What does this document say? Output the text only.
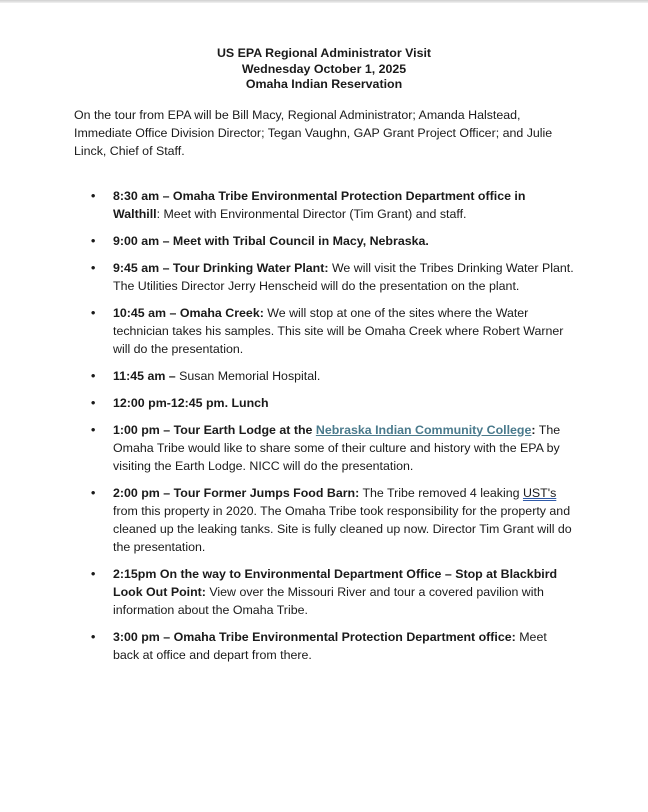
US EPA Regional Administrator Visit
Wednesday October 1, 2025
Omaha Indian Reservation

On the tour from EPA will be Bill Macy, Regional Administrator; Amanda Halstead, Immediate Office Division Director; Tegan Vaughn, GAP Grant Project Officer; and Julie Linck, Chief of Staff.

• 8:30 am – Omaha Tribe Environmental Protection Department office in Walthill: Meet with Environmental Director (Tim Grant) and staff.
• 9:00 am – Meet with Tribal Council in Macy, Nebraska.
• 9:45 am – Tour Drinking Water Plant: We will visit the Tribes Drinking Water Plant. The Utilities Director Jerry Henscheid will do the presentation on the plant.
• 10:45 am – Omaha Creek: We will stop at one of the sites where the Water technician takes his samples. This site will be Omaha Creek where Robert Warner will do the presentation.
• 11:45 am – Susan Memorial Hospital.
• 12:00 pm-12:45 pm. Lunch
• 1:00 pm – Tour Earth Lodge at the Nebraska Indian Community College: The Omaha Tribe would like to share some of their culture and history with the EPA by visiting the Earth Lodge. NICC will do the presentation.
• 2:00 pm – Tour Former Jumps Food Barn: The Tribe removed 4 leaking UST's from this property in 2020. The Omaha Tribe took responsibility for the property and cleaned up the leaking tanks. Site is fully cleaned up now. Director Tim Grant will do the presentation.
• 2:15pm On the way to Environmental Department Office – Stop at Blackbird Look Out Point: View over the Missouri River and tour a covered pavilion with information about the Omaha Tribe.
• 3:00 pm – Omaha Tribe Environmental Protection Department office: Meet back at office and depart from there.
